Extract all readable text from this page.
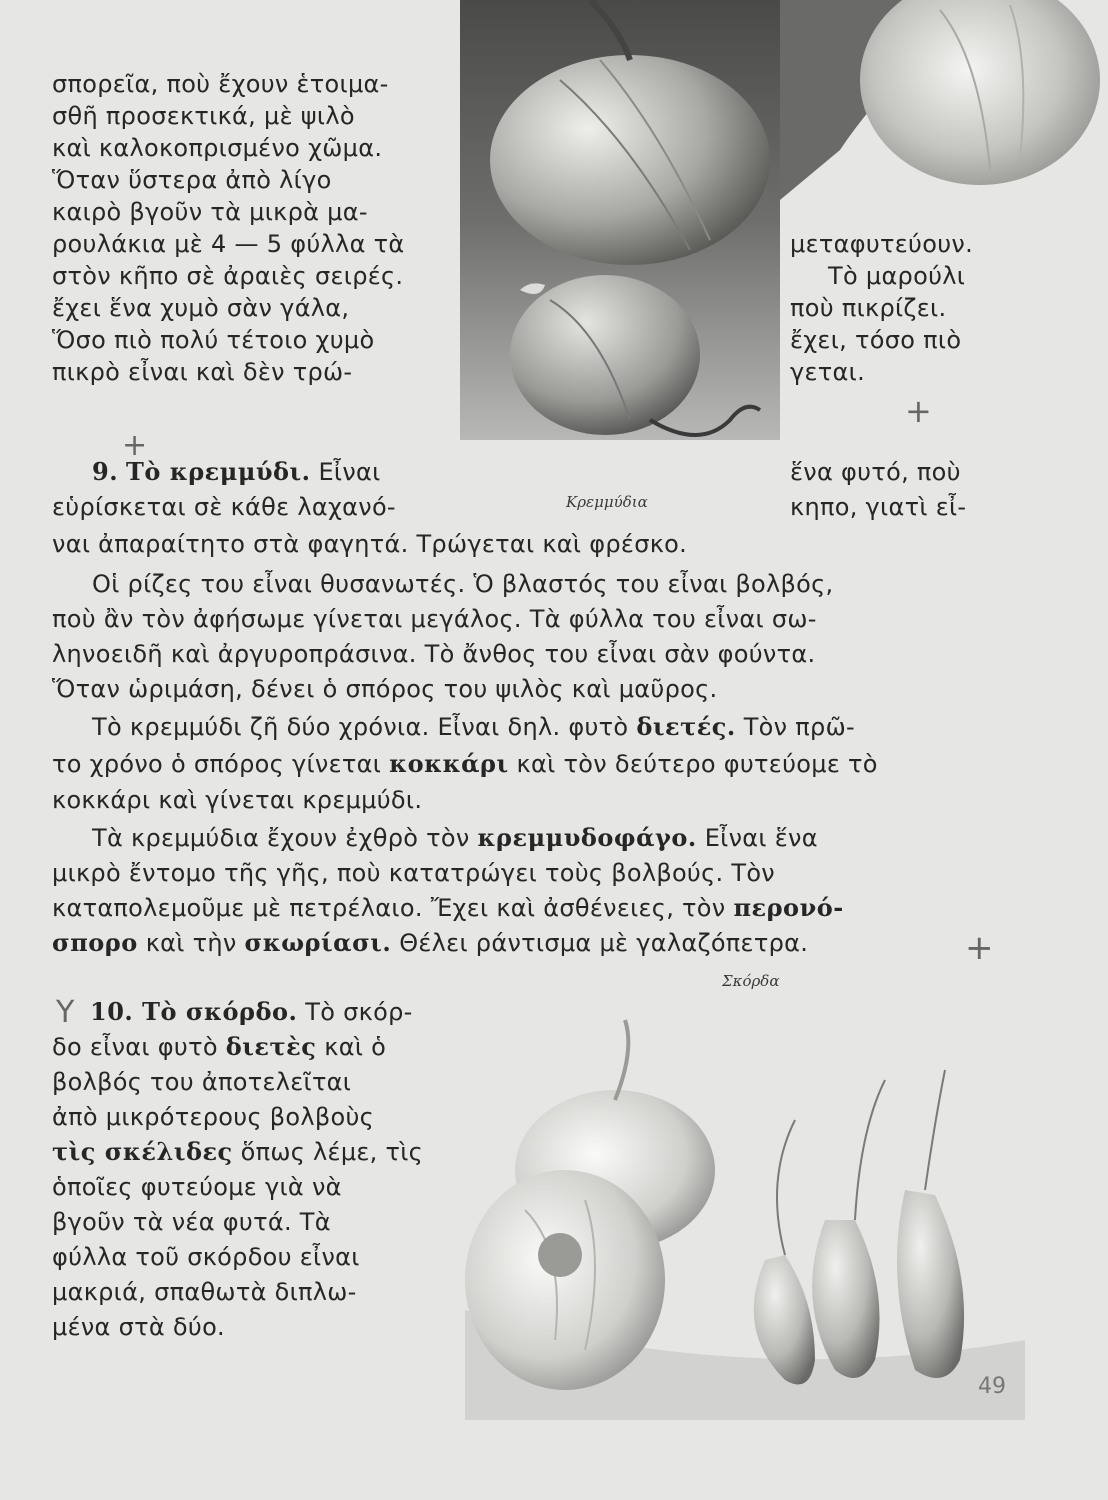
Κρεμμύδια
σπορεῖα, ποὺ ἔχουν ἑτοιμα-
σθῆ προσεκτικά, μὲ ψιλὸ
καὶ καλοκοπρισμένο χῶμα.
Ὅταν ὕστερα ἀπὸ λίγο
καιρὸ βγοῦν τὰ μικρὰ μα-
ρουλάκια μὲ 4 — 5 φύλλα τὰ
στὸν κῆπο σὲ ἀραιὲς σειρές.
ἔχει ἕνα χυμὸ σὰν γάλα,
Ὅσο πιὸ πολύ τέτοιο χυμὸ
πικρὸ εἶναι καὶ δὲν τρώ-
μεταφυτεύουν.
Τὸ μαρούλι
ποὺ πικρίζει.
ἔχει, τόσο πιὸ
γεται.
+
+
9. Τὸ κρεμμύδι. Εἶναι	ἕνα φυτό, ποὺ
εὑρίσκεται σὲ κάθε λαχανό-	κηπο, γιατὶ εἶ-
ναι ἀπαραίτητο στὰ φαγητά. Τρώγεται καὶ φρέσκο.
Οἱ ρίζες του εἶναι θυσανωτές. Ὁ βλαστός του εἶναι βολβός,
ποὺ ἂν τὸν ἀφήσωμε γίνεται μεγάλος. Τὰ φύλλα του εἶναι σω-
ληνοειδῆ καὶ ἀργυροπράσινα. Τὸ ἄνθος του εἶναι σὰν φούντα.
Ὅταν ὡριμάση, δένει ὁ σπόρος του ψιλὸς καὶ μαῦρος.
Τὸ κρεμμύδι ζῆ δύο χρόνια. Εἶναι δηλ. φυτὸ διετές. Τὸν πρῶ-
το χρόνο ὁ σπόρος γίνεται κοκκάρι καὶ τὸν δεύτερο φυτεύομε τὸ
κοκκάρι καὶ γίνεται κρεμμύδι.
Τὰ κρεμμύδια ἔχουν ἐχθρὸ τὸν κρεμμυδοφάγο. Εἶναι ἕνα
μικρὸ ἔντομο τῆς γῆς, ποὺ κατατρώγει τοὺς βολβούς. Τὸν
καταπολεμοῦμε μὲ πετρέλαιο. Ἔχει καὶ ἀσθένειες, τὸν περονό-
σπορο καὶ τὴν σκωρίασι. Θέλει ράντισμα μὲ γαλαζόπετρα.	+
Σκόρδα
Y 10. Τὸ σκόρδο. Τὸ σκόρ-
δο εἶναι φυτὸ διετὲς καὶ ὁ
βολβός του ἀποτελεῖται
ἀπὸ μικρότερους βολβοὺς
τὶς σκέλιδες ὅπως λέμε, τὶς
ὁποῖες φυτεύομε γιὰ νὰ
βγοῦν τὰ νέα φυτά. Τὰ
φύλλα τοῦ σκόρδου εἶναι
μακριά, σπαθωτὰ διπλω-
μένα στὰ δύο.
49
